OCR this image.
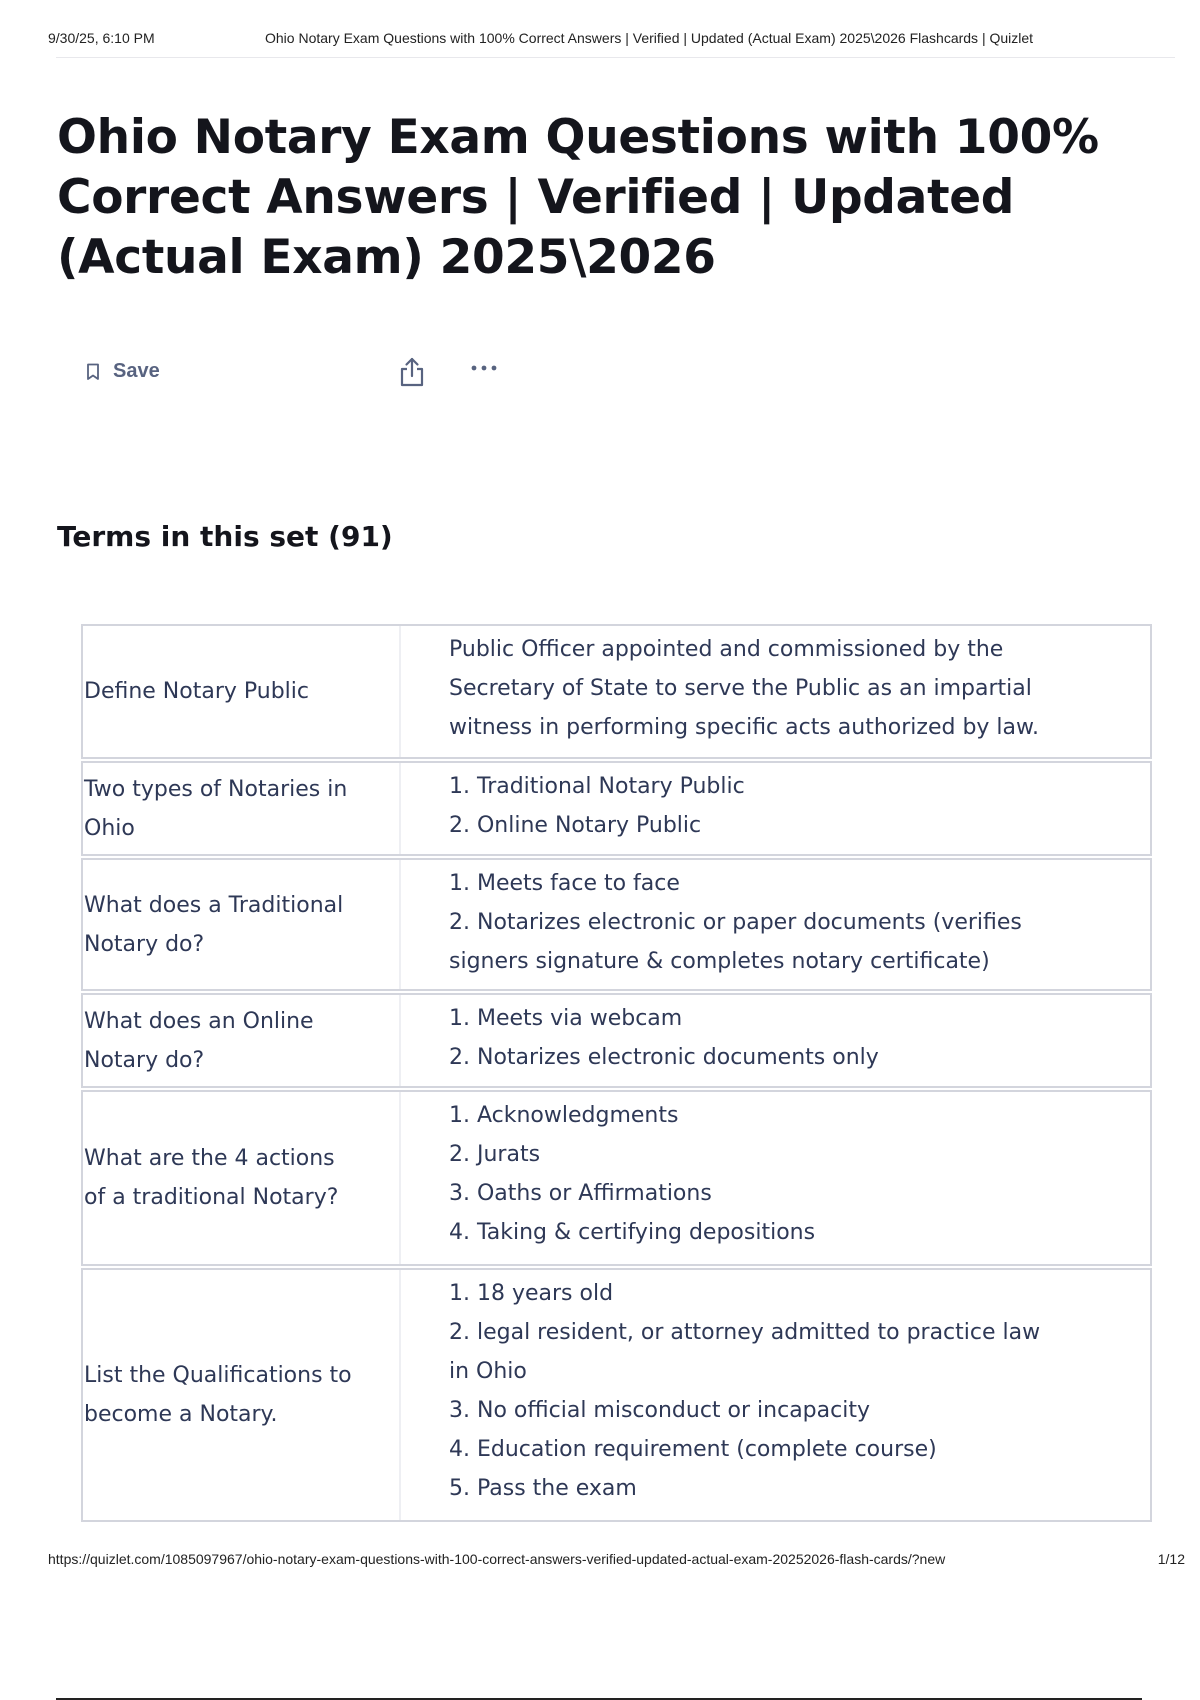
9/30/25, 6:10 PM	Ohio Notary Exam Questions with 100% Correct Answers | Verified | Updated (Actual Exam) 2025\2026 Flashcards | Quizlet
Ohio Notary Exam Questions with 100% Correct Answers | Verified | Updated (Actual Exam) 2025\2026
Save
Terms in this set (91)
Define Notary Public
Public Officer appointed and commissioned by the
Secretary of State to serve the Public as an impartial
witness in performing specific acts authorized by law.
Two types of Notaries in Ohio
1. Traditional Notary Public
2. Online Notary Public
What does a Traditional Notary do?
1. Meets face to face
2. Notarizes electronic or paper documents (verifies
signers signature & completes notary certificate)
What does an Online Notary do?
1. Meets via webcam
2. Notarizes electronic documents only
What are the 4 actions of a traditional Notary?
1. Acknowledgments
2. Jurats
3. Oaths or Affirmations
4. Taking & certifying depositions
List the Qualifications to become a Notary.
1. 18 years old
2. legal resident, or attorney admitted to practice law
in Ohio
3. No official misconduct or incapacity
4. Education requirement (complete course)
5. Pass the exam
https://quizlet.com/1085097967/ohio-notary-exam-questions-with-100-correct-answers-verified-updated-actual-exam-20252026-flash-cards/?new	1/12
